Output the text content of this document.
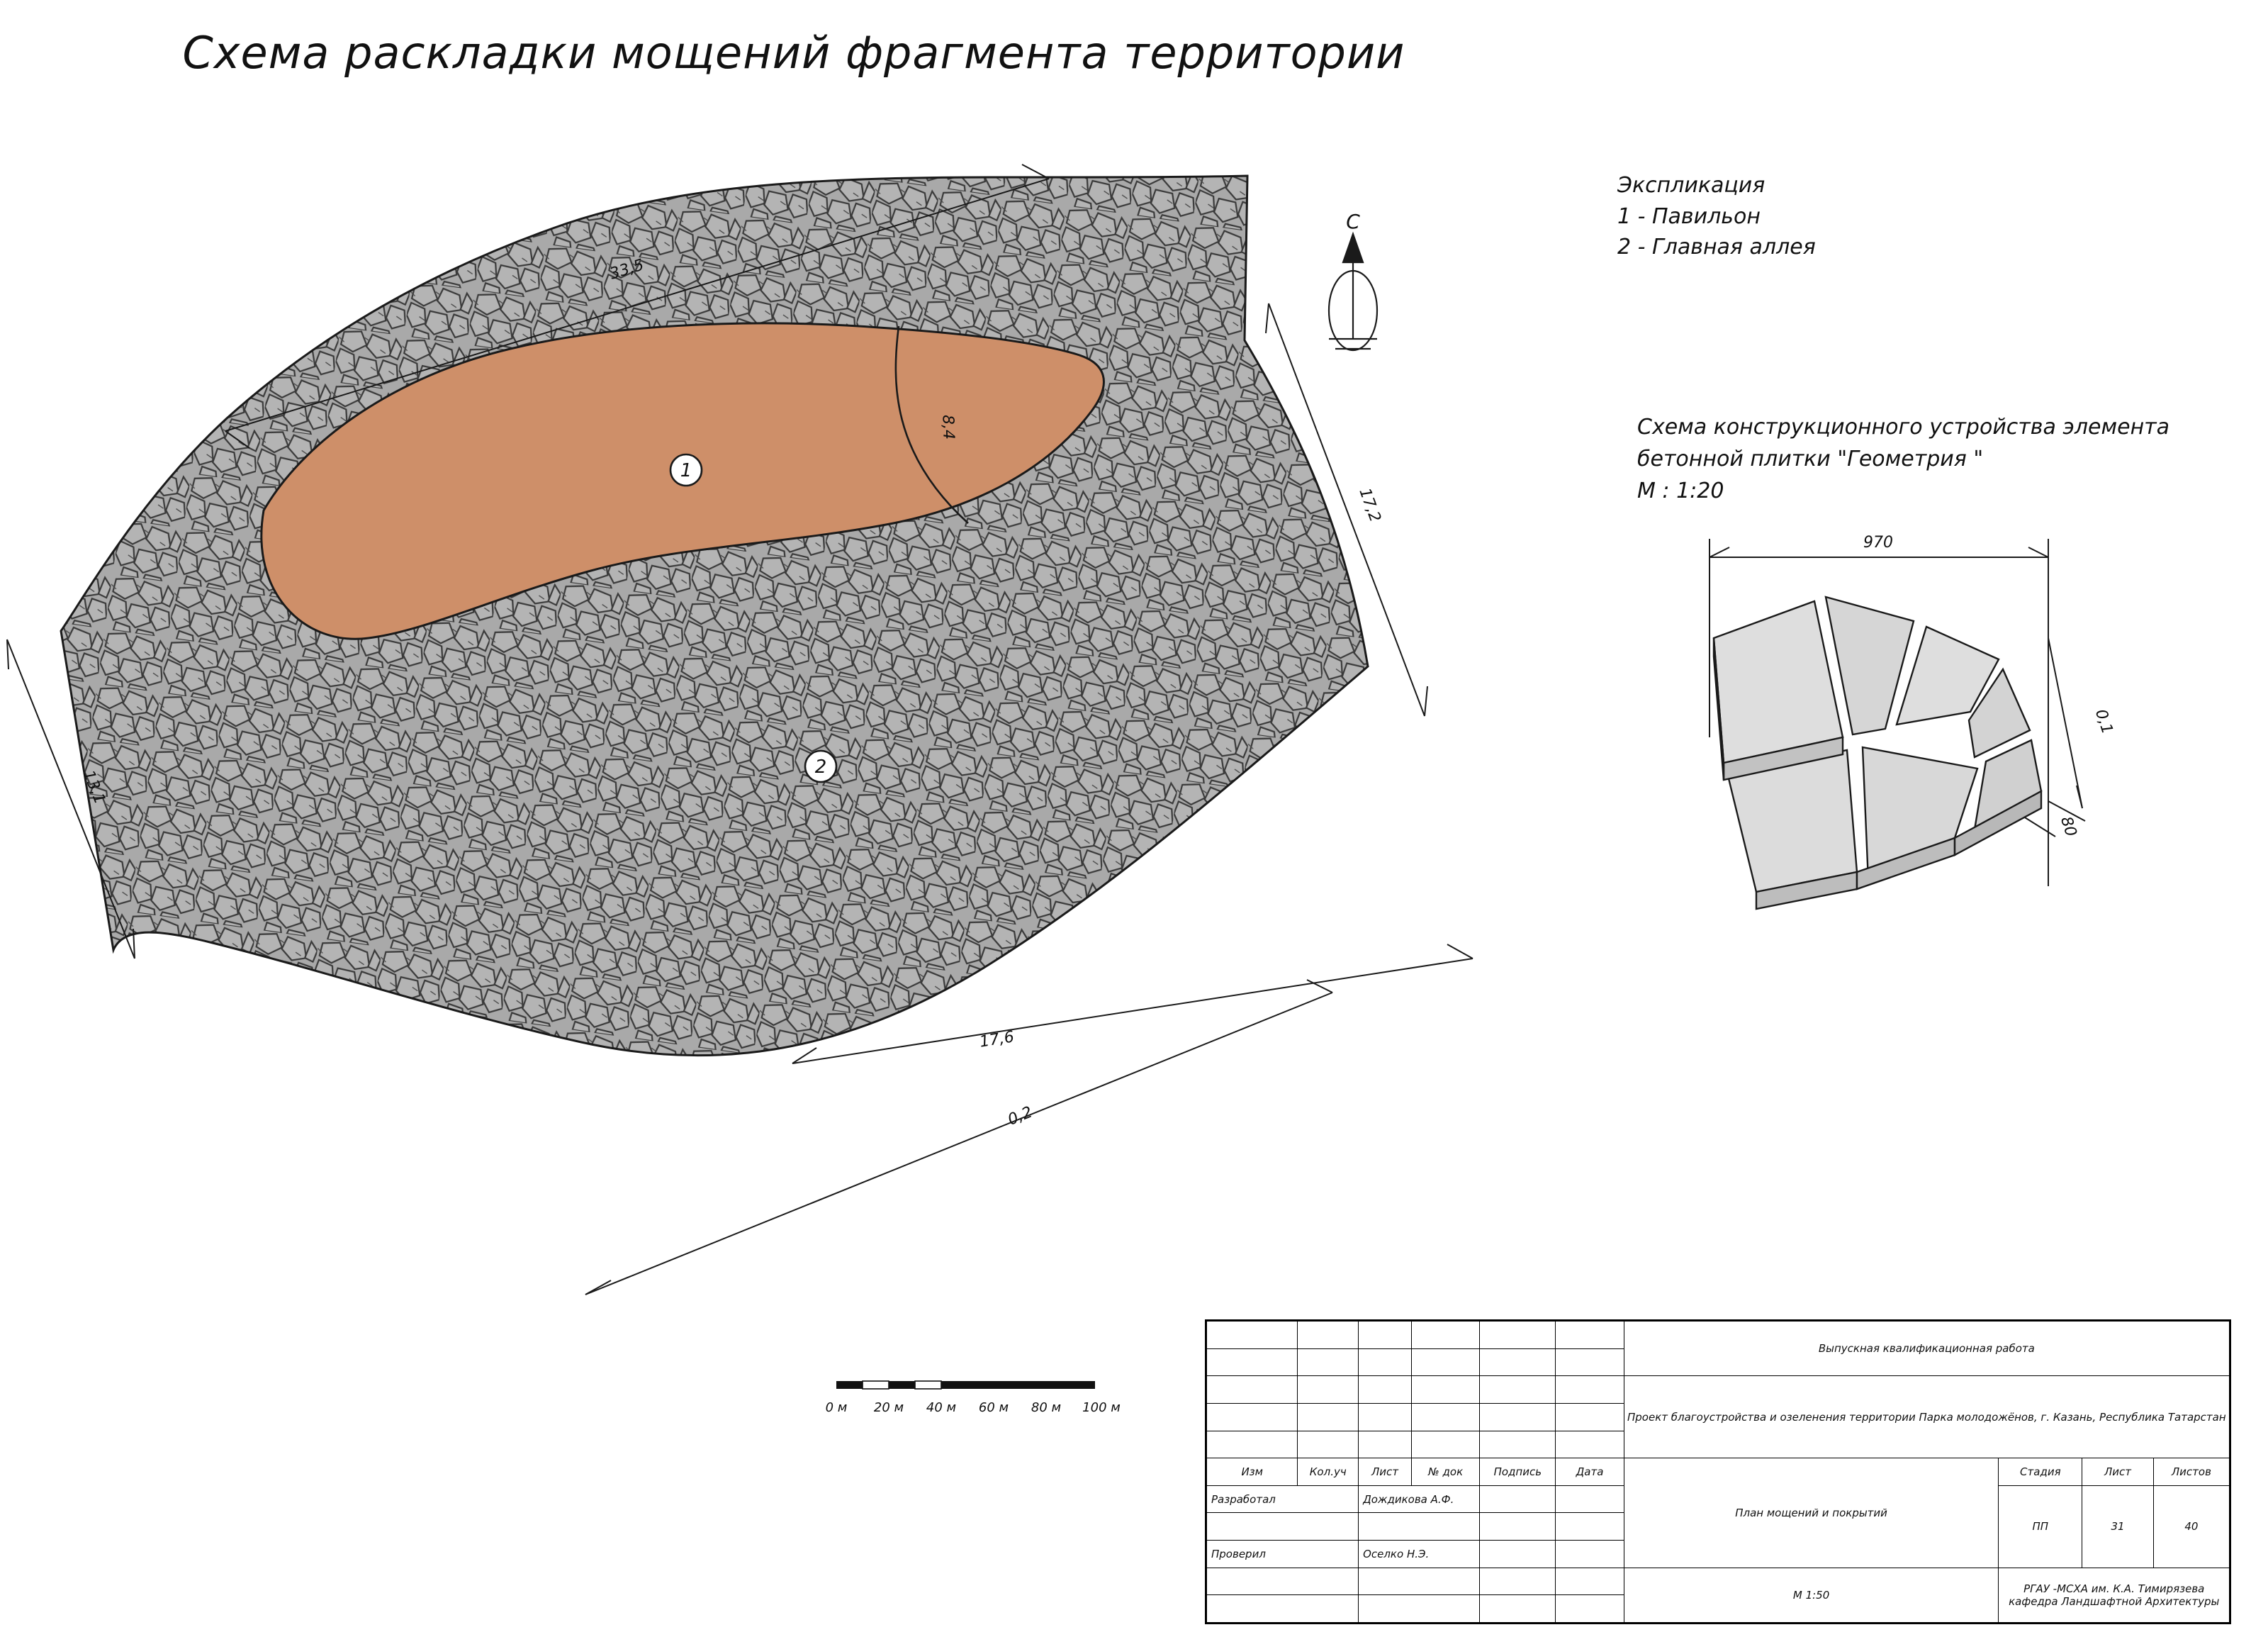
Схема раскладки мощений фрагмента территории
Экспликация
1 - Павильон
2 - Главная аллея
Схема конструкционного устройства элемента
бетонной плитки "Геометрия "
М : 1:20
1
2
С
33,5
17,2
13,1
8,4
17,6
0,2
970
0,1
80
0 м 20 м 40 м 60 м 80 м 100 м
						Выпускная квалификационная работа			

						Проект благоустройства и озеленения территории Парка молодожёнов, г. Казань, Республика Татарстан			

Изм	Кол.уч	Лист	№ док	Подпись	Дата	План мощений и покрытий	Стадия	Лист	Листов
Разработал		Дождикова А.Ф.					ПП	31	40

Проверил		Оселко Н.Э.							
						М 1:50	РГАУ -МСХА им. К.А. Тимирязева
кафедра Ландшафтной Архитектуры		
